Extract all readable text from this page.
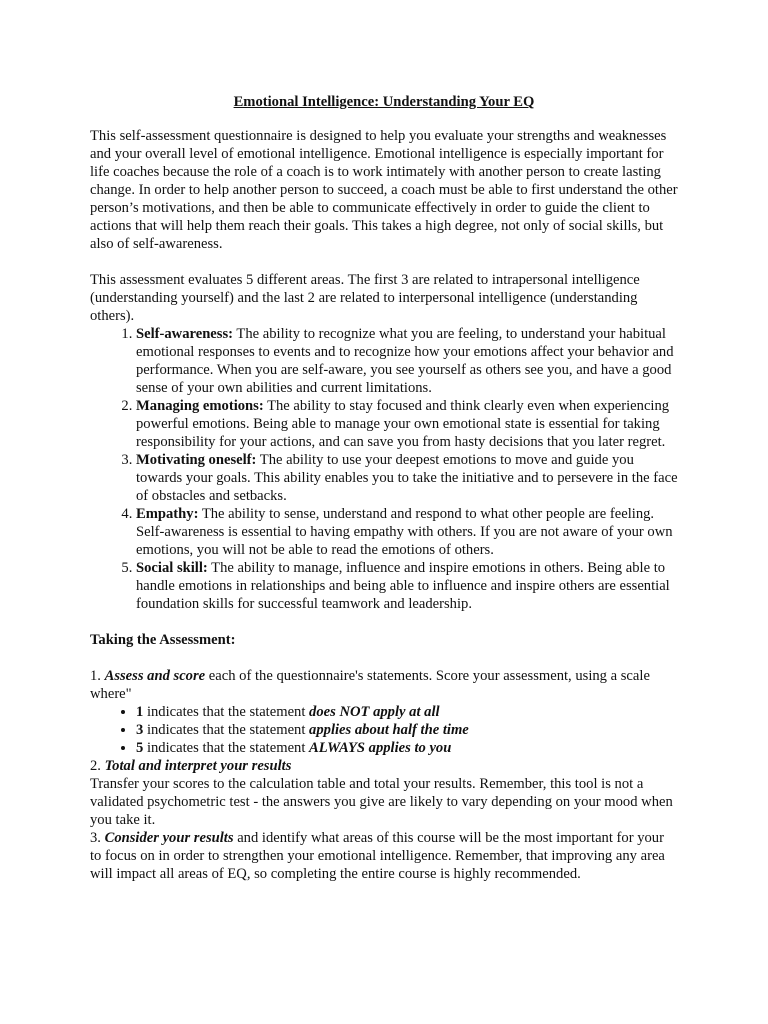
Emotional Intelligence: Understanding Your EQ

This self-assessment questionnaire is designed to help you evaluate your strengths and weaknesses and your overall level of emotional intelligence. Emotional intelligence is especially important for life coaches because the role of a coach is to work intimately with another person to create lasting change. In order to help another person to succeed, a coach must be able to first understand the other person’s motivations, and then be able to communicate effectively in order to guide the client to actions that will help them reach their goals. This takes a high degree, not only of social skills, but also of self-awareness.

This assessment evaluates 5 different areas. The first 3 are related to intrapersonal intelligence (understanding yourself) and the last 2 are related to interpersonal intelligence (understanding others).

1. Self-awareness: The ability to recognize what you are feeling, to understand your habitual emotional responses to events and to recognize how your emotions affect your behavior and performance. When you are self-aware, you see yourself as others see you, and have a good sense of your own abilities and current limitations.
2. Managing emotions: The ability to stay focused and think clearly even when experiencing powerful emotions. Being able to manage your own emotional state is essential for taking responsibility for your actions, and can save you from hasty decisions that you later regret.
3. Motivating oneself: The ability to use your deepest emotions to move and guide you towards your goals. This ability enables you to take the initiative and to persevere in the face of obstacles and setbacks.
4. Empathy: The ability to sense, understand and respond to what other people are feeling. Self-awareness is essential to having empathy with others. If you are not aware of your own emotions, you will not be able to read the emotions of others.
5. Social skill: The ability to manage, influence and inspire emotions in others. Being able to handle emotions in relationships and being able to influence and inspire others are essential foundation skills for successful teamwork and leadership.

Taking the Assessment:

1. Assess and score each of the questionnaire's statements. Score your assessment, using a scale where"

• 1 indicates that the statement does NOT apply at all
• 3 indicates that the statement applies about half the time
• 5 indicates that the statement ALWAYS applies to you

2. Total and interpret your results

Transfer your scores to the calculation table and total your results. Remember, this tool is not a validated psychometric test - the answers you give are likely to vary depending on your mood when you take it.

3. Consider your results and identify what areas of this course will be the most important for your to focus on in order to strengthen your emotional intelligence. Remember, that improving any area will impact all areas of EQ, so completing the entire course is highly recommended.
